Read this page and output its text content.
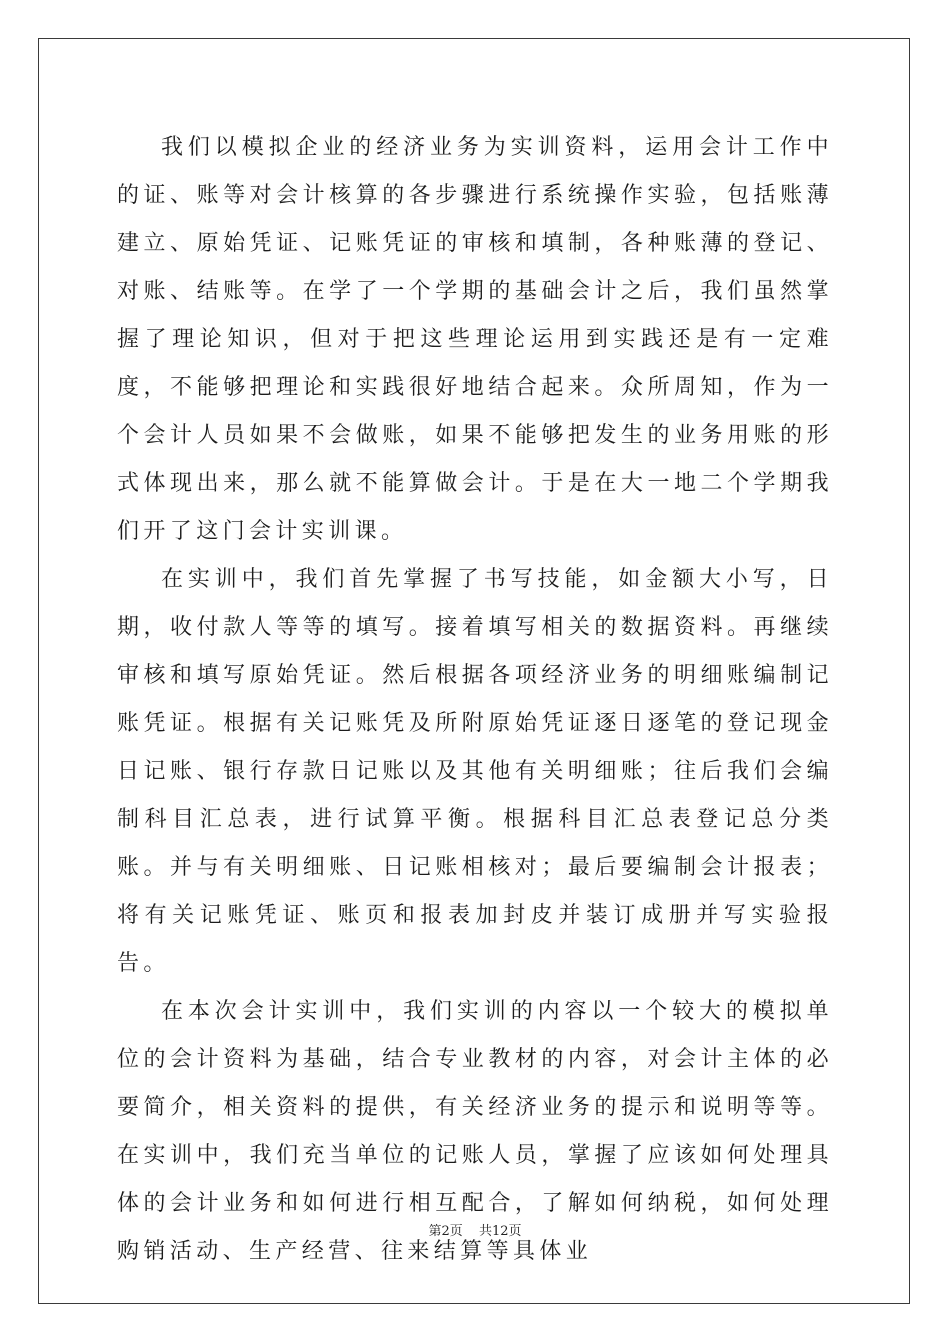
我们以模拟企业的经济业务为实训资料，运用会计工作中的证、账等对会计核算的各步骤进行系统操作实验，包括账薄建立、原始凭证、记账凭证的审核和填制，各种账薄的登记、对账、结账等。在学了一个学期的基础会计之后，我们虽然掌握了理论知识，但对于把这些理论运用到实践还是有一定难度，不能够把理论和实践很好地结合起来。众所周知，作为一个会计人员如果不会做账，如果不能够把发生的业务用账的形式体现出来，那么就不能算做会计。于是在大一地二个学期我们开了这门会计实训课。

在实训中，我们首先掌握了书写技能，如金额大小写，日期，收付款人等等的填写。接着填写相关的数据资料。再继续审核和填写原始凭证。然后根据各项经济业务的明细账编制记账凭证。根据有关记账凭及所附原始凭证逐日逐笔的登记现金日记账、银行存款日记账以及其他有关明细账；往后我们会编制科目汇总表，进行试算平衡。根据科目汇总表登记总分类账。并与有关明细账、日记账相核对；最后要编制会计报表；将有关记账凭证、账页和报表加封皮并装订成册并写实验报告。

在本次会计实训中，我们实训的内容以一个较大的模拟单位的会计资料为基础，结合专业教材的内容，对会计主体的必要简介，相关资料的提供，有关经济业务的提示和说明等等。在实训中，我们充当单位的记账人员，掌握了应该如何处理具体的会计业务和如何进行相互配合，了解如何纳税，如何处理购销活动、生产经营、往来结算等具体业

第2页 共12页
